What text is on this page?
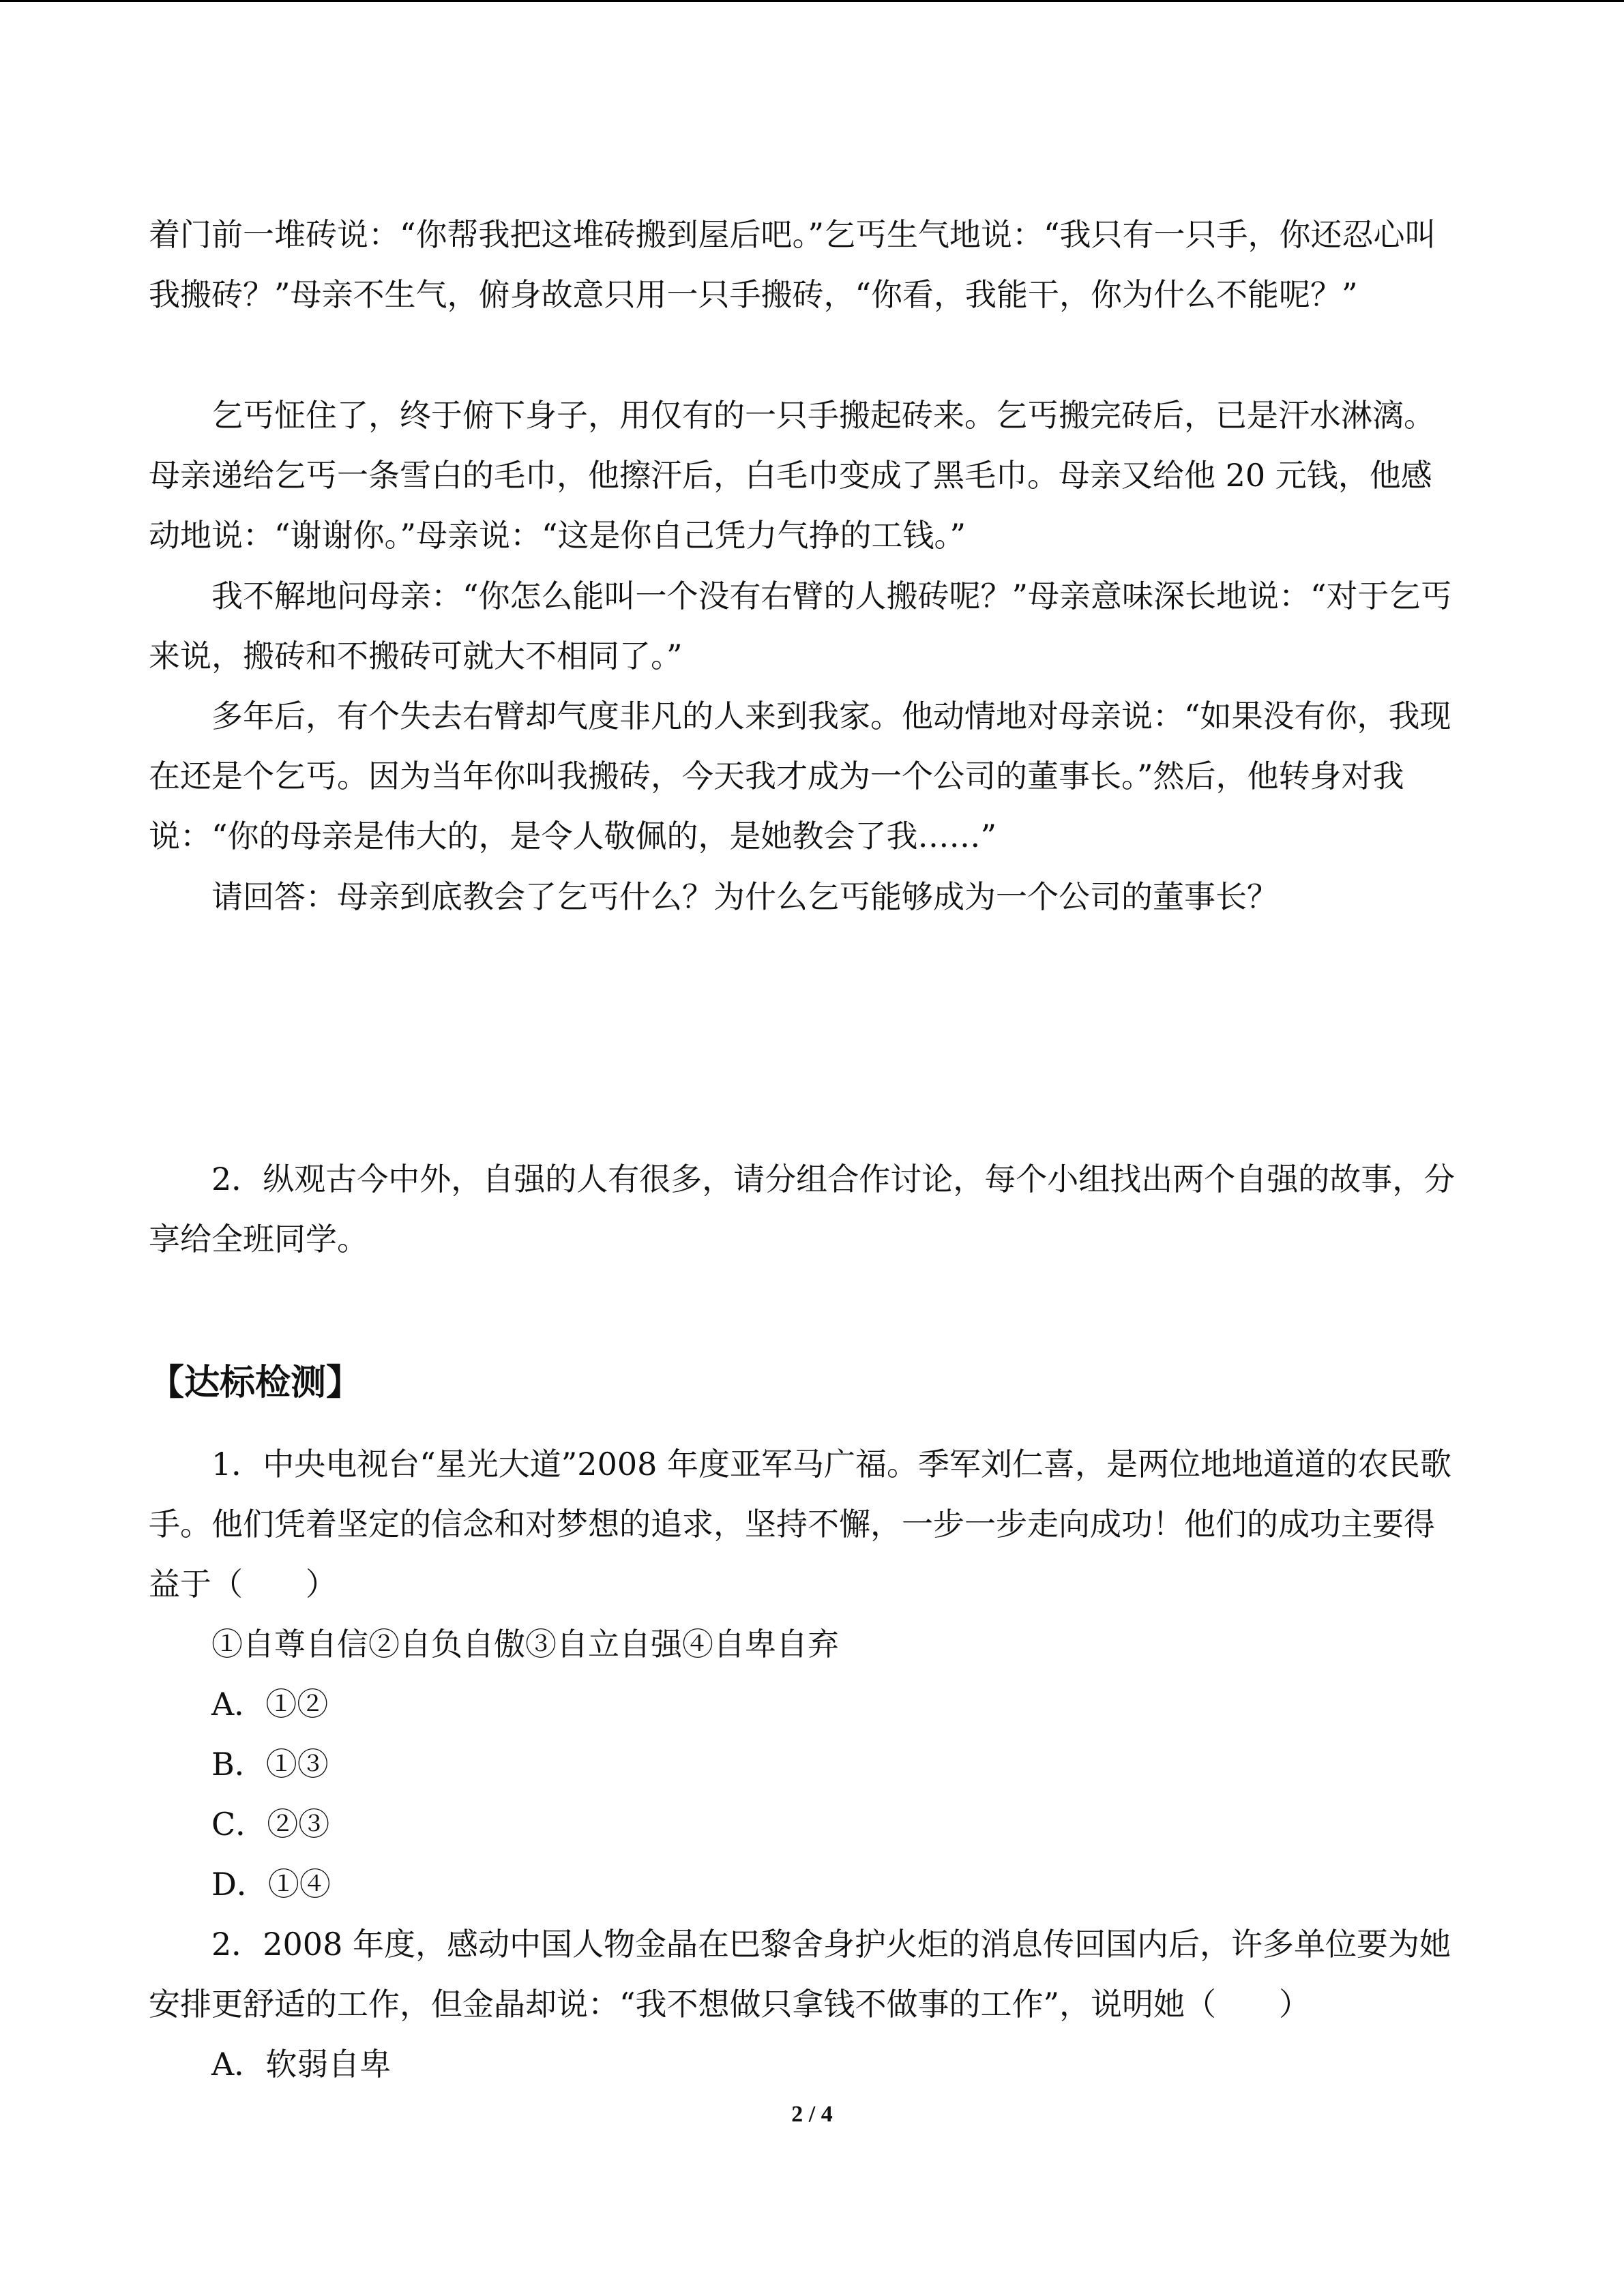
着门前一堆砖说：“你帮我把这堆砖搬到屋后吧。”乞丐生气地说：“我只有一只手，你还忍心叫我搬砖？”母亲不生气，俯身故意只用一只手搬砖，“你看，我能干，你为什么不能呢？”

乞丐怔住了，终于俯下身子，用仅有的一只手搬起砖来。乞丐搬完砖后，已是汗水淋漓。母亲递给乞丐一条雪白的毛巾，他擦汗后，白毛巾变成了黑毛巾。母亲又给他 20 元钱，他感动地说：“谢谢你。”母亲说：“这是你自己凭力气挣的工钱。”

我不解地问母亲：“你怎么能叫一个没有右臂的人搬砖呢？”母亲意味深长地说：“对于乞丐来说，搬砖和不搬砖可就大不相同了。”

多年后，有个失去右臂却气度非凡的人来到我家。他动情地对母亲说：“如果没有你，我现在还是个乞丐。因为当年你叫我搬砖，今天我才成为一个公司的董事长。”然后，他转身对我说：“你的母亲是伟大的，是令人敬佩的，是她教会了我……”

请回答：母亲到底教会了乞丐什么？为什么乞丐能够成为一个公司的董事长？

2．纵观古今中外，自强的人有很多，请分组合作讨论，每个小组找出两个自强的故事，分享给全班同学。

【达标检测】

1．中央电视台“星光大道”2008 年度亚军马广福。季军刘仁喜，是两位地地道道的农民歌手。他们凭着坚定的信念和对梦想的追求，坚持不懈，一步一步走向成功！他们的成功主要得益于（　　）

①自尊自信②自负自傲③自立自强④自卑自弃

A．①②

B．①③

C．②③

D．①④

2．2008 年度，感动中国人物金晶在巴黎舍身护火炬的消息传回国内后，许多单位要为她安排更舒适的工作，但金晶却说：“我不想做只拿钱不做事的工作”，说明她（　　）

A．软弱自卑

2 / 4
